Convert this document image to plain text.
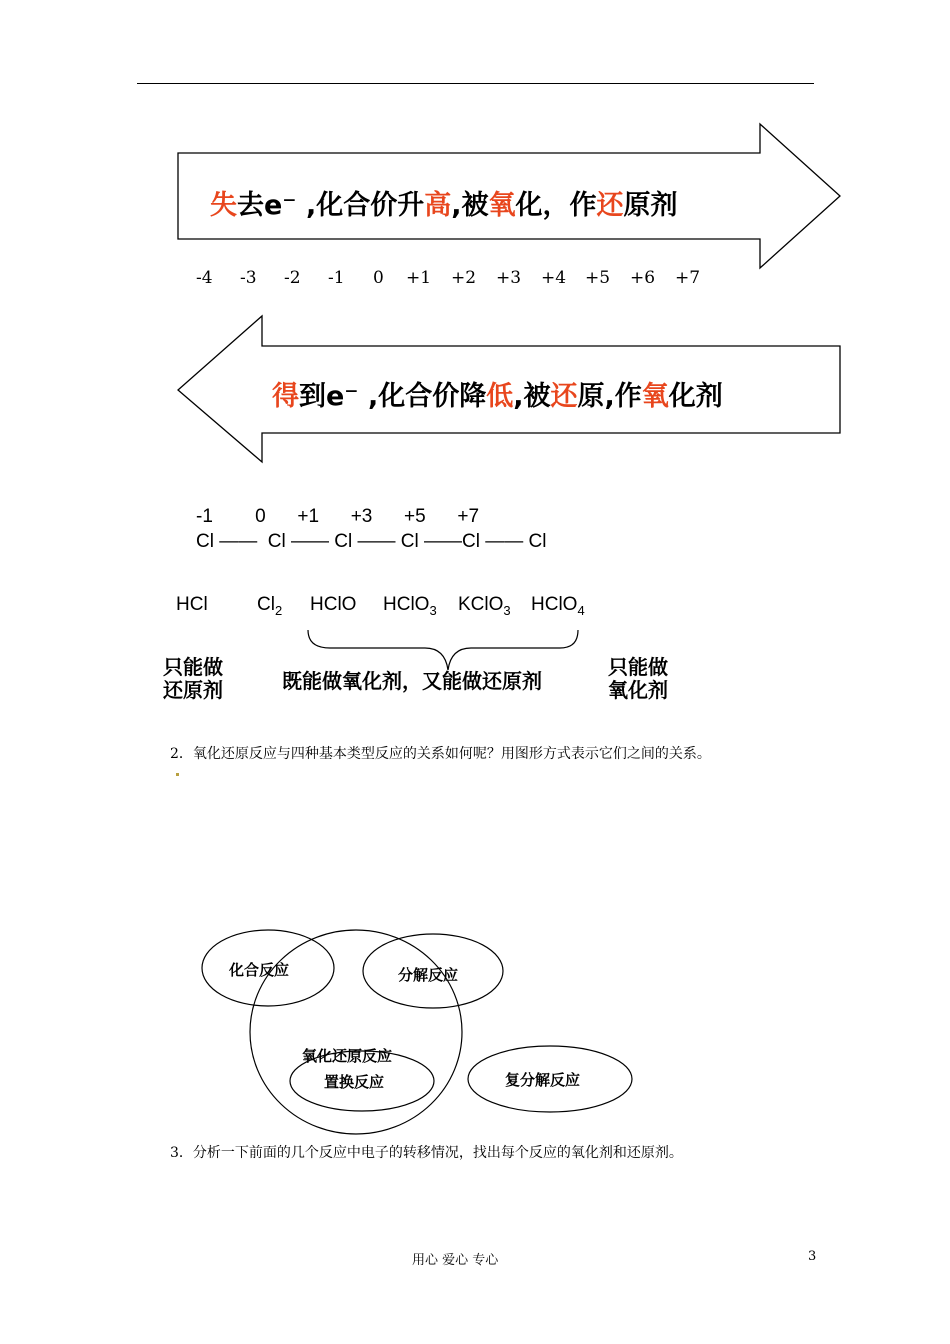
失去e⁻ ,化合价升高,被氧化，作还原剂
-4 -3 -2 -1 0 +1 +2 +3 +4 +5 +6 +7
得到e⁻ ,化合价降低,被还原,作氧化剂
-1        0      +1      +3      +5      +7
Cl ——  Cl —— Cl —— Cl ——Cl —— Cl
HCl	$Cl_2$ HClO HClO$_3$ KClO$_3$ HClO$_4$
只能做
还原剂	既能做氧化剂，又能做还原剂
只能做
氧化剂
2．氧化还原反应与四种基本类型反应的关系如何呢？用图形方式表示它们之间的关系。
化合反应	分解反应
氧化还原反应
置换反应	复分解反应
3．分析一下前面的几个反应中电子的转移情况，找出每个反应的氧化剂和还原剂。
用心 爱心 专心	3
